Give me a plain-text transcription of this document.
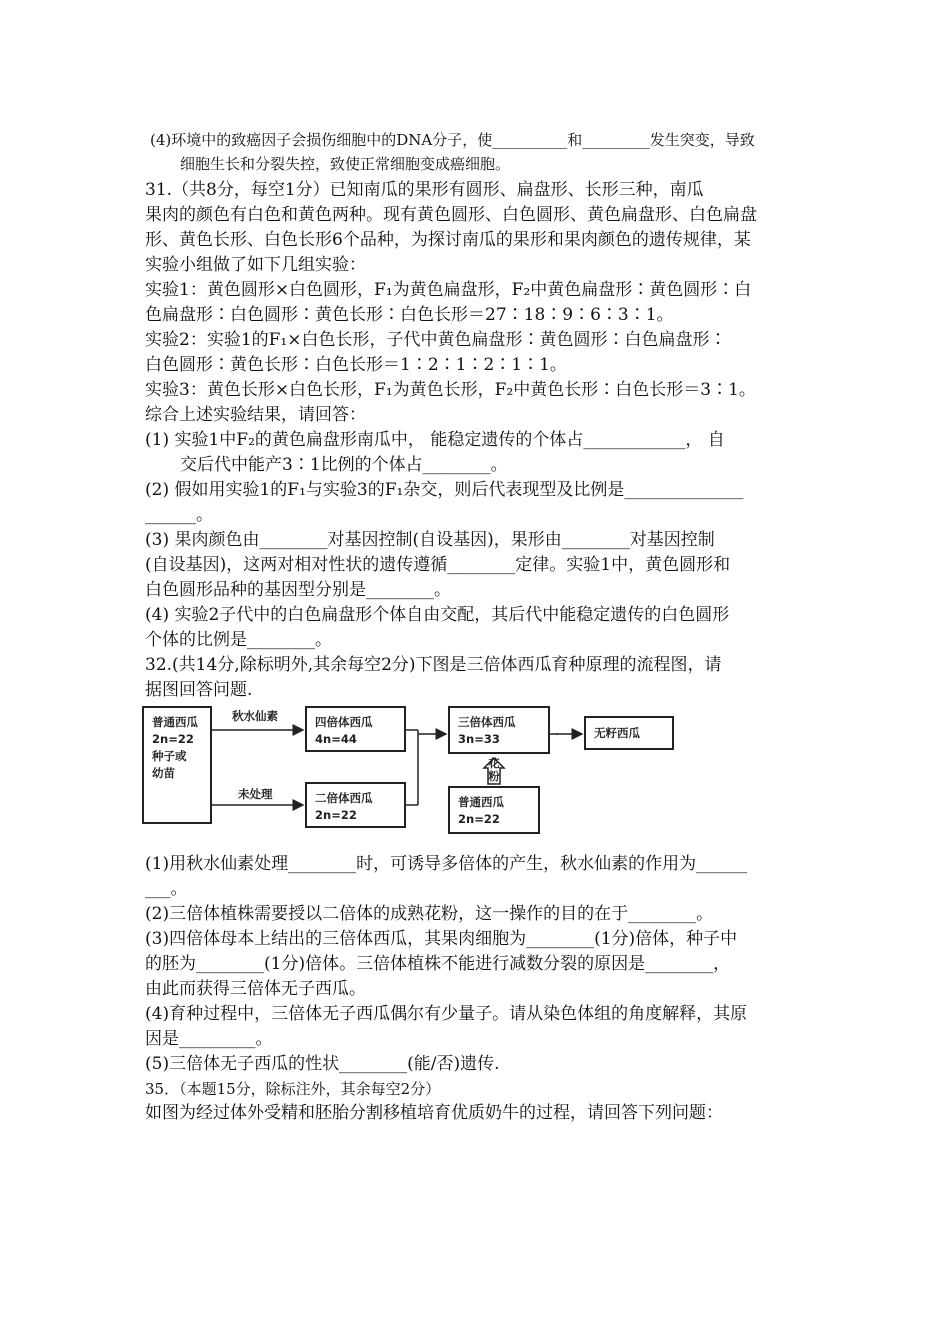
(4)环境中的致癌因子会损伤细胞中的DNA分子，使__________和_________发生突变，导致
细胞生长和分裂失控，致使正常细胞变成癌细胞。
31.（共8分，每空1分）已知南瓜的果形有圆形、扁盘形、长形三种，南瓜
果肉的颜色有白色和黄色两种。现有黄色圆形、白色圆形、黄色扁盘形、白色扁盘
形、黄色长形、白色长形6个品种，为探讨南瓜的果形和果肉颜色的遗传规律，某
实验小组做了如下几组实验：
实验1：黄色圆形×白色圆形，F₁为黄色扁盘形，F₂中黄色扁盘形∶黄色圆形∶白
色扁盘形∶白色圆形∶黄色长形∶白色长形＝27∶18∶9∶6∶3∶1。
实验2：实验1的F₁×白色长形，子代中黄色扁盘形∶黄色圆形∶白色扁盘形∶
白色圆形∶黄色长形∶白色长形＝1∶2∶1∶2∶1∶1。
实验3：黄色长形×白色长形，F₁为黄色长形，F₂中黄色长形∶白色长形＝3∶1。
综合上述实验结果，请回答：
(1) 实验1中F₂的黄色扁盘形南瓜中， 能稳定遗传的个体占____________， 自
交后代中能产3∶1比例的个体占________。
(2) 假如用实验1的F₁与实验3的F₁杂交，则后代表现型及比例是______________
______。
(3) 果肉颜色由________对基因控制(自设基因)，果形由________对基因控制
(自设基因)，这两对相对性状的遗传遵循________定律。实验1中，黄色圆形和
白色圆形品种的基因型分别是________。
(4) 实验2子代中的白色扁盘形个体自由交配，其后代中能稳定遗传的白色圆形
个体的比例是________。
32.(共14分,除标明外,其余每空2分)下图是三倍体西瓜育种原理的流程图，请
据图回答问题.
普通西瓜
2n=22
种子或
幼苗
秋水仙素
未处理
四倍体西瓜
4n=44
二倍体西瓜
2n=22
三倍体西瓜
3n=33
花
粉
普通西瓜
2n=22
无籽西瓜
(1)用秋水仙素处理________时，可诱导多倍体的产生，秋水仙素的作用为______
___。
(2)三倍体植株需要授以二倍体的成熟花粉，这一操作的目的在于________。
(3)四倍体母本上结出的三倍体西瓜，其果肉细胞为________(1分)倍体，种子中
的胚为________(1分)倍体。三倍体植株不能进行减数分裂的原因是________，
由此而获得三倍体无子西瓜。
(4)育种过程中，三倍体无子西瓜偶尔有少量子。请从染色体组的角度解释，其原
因是_________。
(5)三倍体无子西瓜的性状________(能/否)遗传.
35．（本题15分，除标注外，其余每空2分）
如图为经过体外受精和胚胎分割移植培育优质奶牛的过程，请回答下列问题：
